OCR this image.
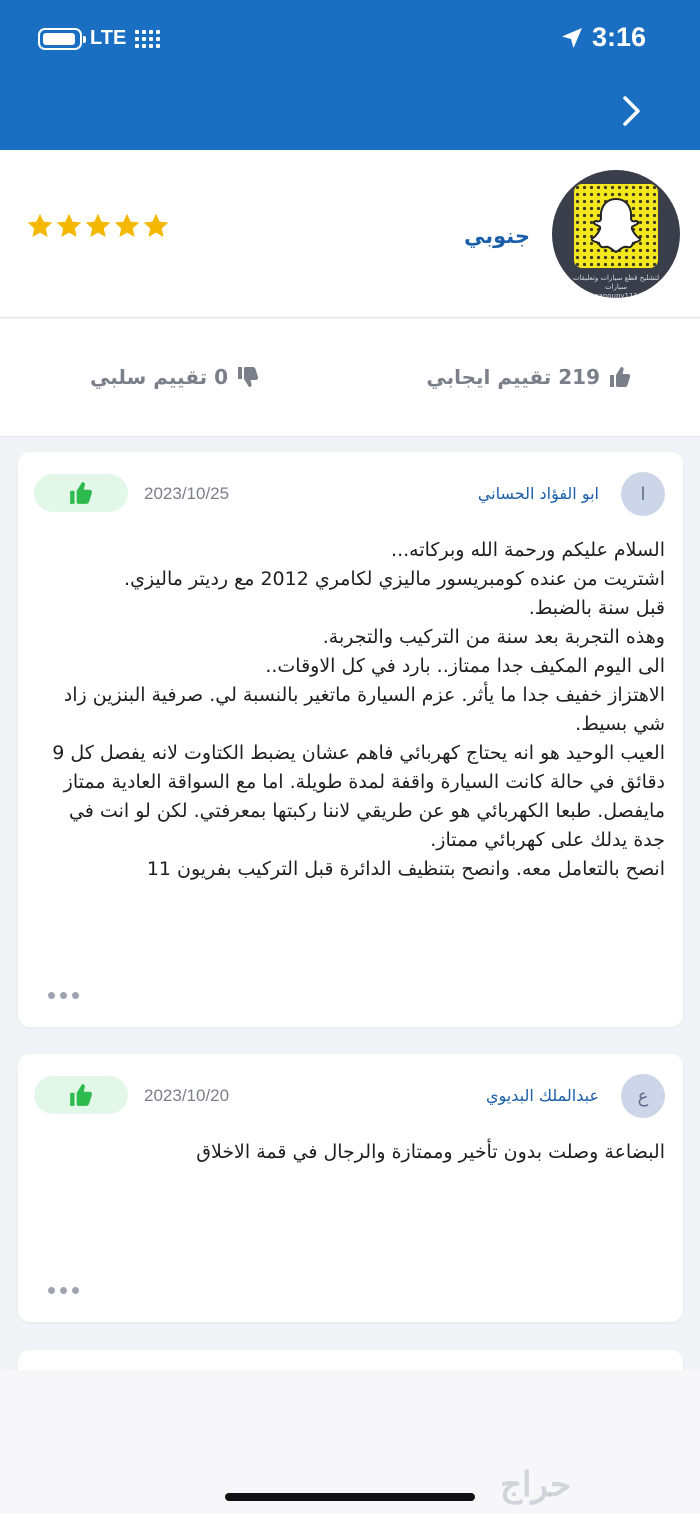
LTE	3:16
لتشليح قطع سيارات وتعليقات سيارات
ganoupy111
جنوبي
219 تقييم ايجابي
0 تقييم سلبي
ا
ابو الفؤاد الحساني
2023/10/25
السلام عليكم ورحمة الله وبركاته...
اشتريت من عنده كومبريسور ماليزي لكامري 2012 مع رديتر ماليزي.
قبل سنة بالضبط.
وهذه التجربة بعد سنة من التركيب والتجربة.
الى اليوم المكيف جدا ممتاز.. بارد في كل الاوقات..
الاهتزاز خفيف جدا ما يأثر. عزم السيارة ماتغير بالنسبة لي. صرفية البنزين زاد شي بسيط.
العيب الوحيد هو انه يحتاج كهربائي فاهم عشان يضبط الكتاوت لانه يفصل كل 9 دقائق في حالة كانت السيارة واقفة لمدة طويلة. اما مع السواقة العادية ممتاز مايفصل. طبعا الكهربائي هو عن طريقي لاننا ركبتها بمعرفتي. لكن لو انت في جدة يدلك على كهربائي ممتاز.
انصح بالتعامل معه. وانصح بتنظيف الدائرة قبل التركيب بفريون 11
ع
عبدالملك البديوي
2023/10/20
البضاعة وصلت بدون تأخير وممتازة والرجال في قمة الاخلاق
حراج
